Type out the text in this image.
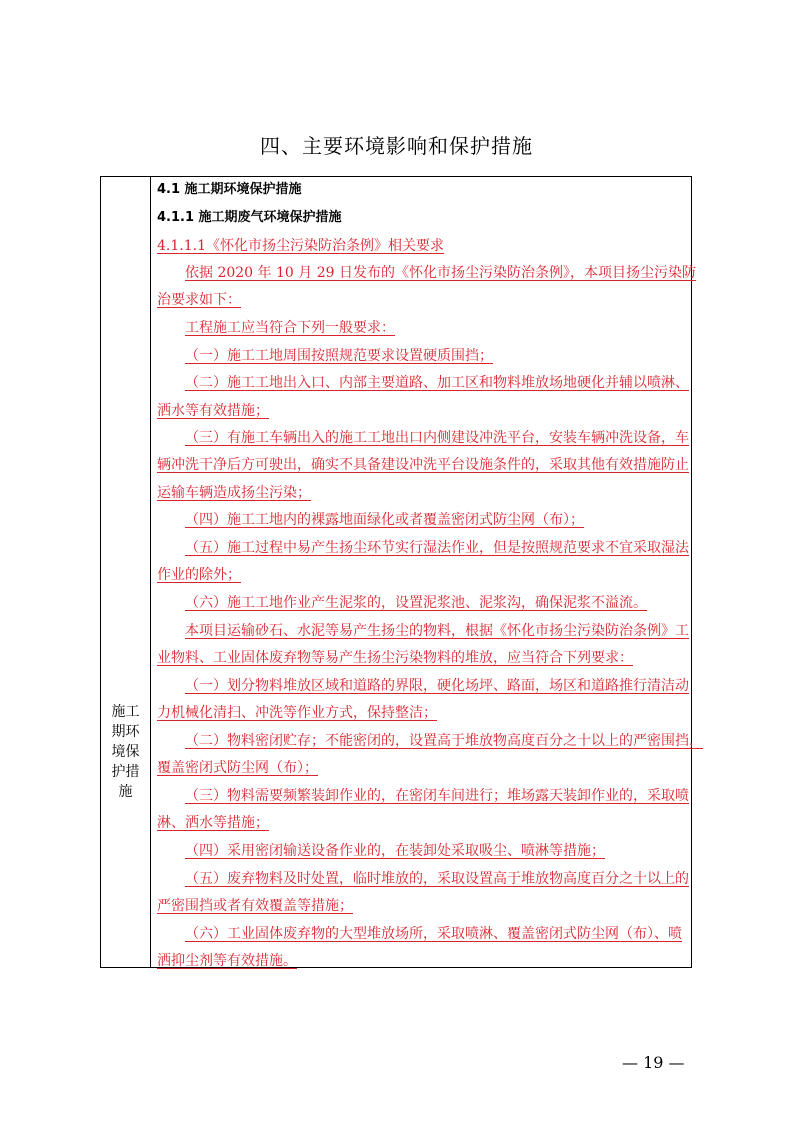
四、主要环境影响和保护措施
施工
期环
境保
护措
施
4.1 施工期环境保护措施
4.1.1 施工期废气环境保护措施
4.1.1.1《怀化市扬尘污染防治条例》相关要求
依据 2020 年 10 月 29 日发布的《怀化市扬尘污染防治条例》，本项目扬尘污染防
治要求如下：
工程施工应当符合下列一般要求：
（一）施工工地周围按照规范要求设置硬质围挡；
（二）施工工地出入口、内部主要道路、加工区和物料堆放场地硬化并辅以喷淋、
洒水等有效措施；
（三）有施工车辆出入的施工工地出口内侧建设冲洗平台，安装车辆冲洗设备，车
辆冲洗干净后方可驶出，确实不具备建设冲洗平台设施条件的，采取其他有效措施防止
运输车辆造成扬尘污染；
（四）施工工地内的裸露地面绿化或者覆盖密闭式防尘网（布）；
（五）施工过程中易产生扬尘环节实行湿法作业，但是按照规范要求不宜采取湿法
作业的除外；
（六）施工工地作业产生泥浆的，设置泥浆池、泥浆沟，确保泥浆不溢流。
本项目运输砂石、水泥等易产生扬尘的物料，根据《怀化市扬尘污染防治条例》工
业物料、工业固体废弃物等易产生扬尘污染物料的堆放，应当符合下列要求：
（一）划分物料堆放区域和道路的界限，硬化场坪、路面，场区和道路推行清洁动
力机械化清扫、冲洗等作业方式，保持整洁；
（二）物料密闭贮存；不能密闭的，设置高于堆放物高度百分之十以上的严密围挡，
覆盖密闭式防尘网（布）；
（三）物料需要频繁装卸作业的，在密闭车间进行；堆场露天装卸作业的，采取喷
淋、洒水等措施；
（四）采用密闭输送设备作业的，在装卸处采取吸尘、喷淋等措施；
（五）废弃物料及时处置，临时堆放的，采取设置高于堆放物高度百分之十以上的
严密围挡或者有效覆盖等措施；
（六）工业固体废弃物的大型堆放场所，采取喷淋、覆盖密闭式防尘网（布）、喷
洒抑尘剂等有效措施。
— 19 —
